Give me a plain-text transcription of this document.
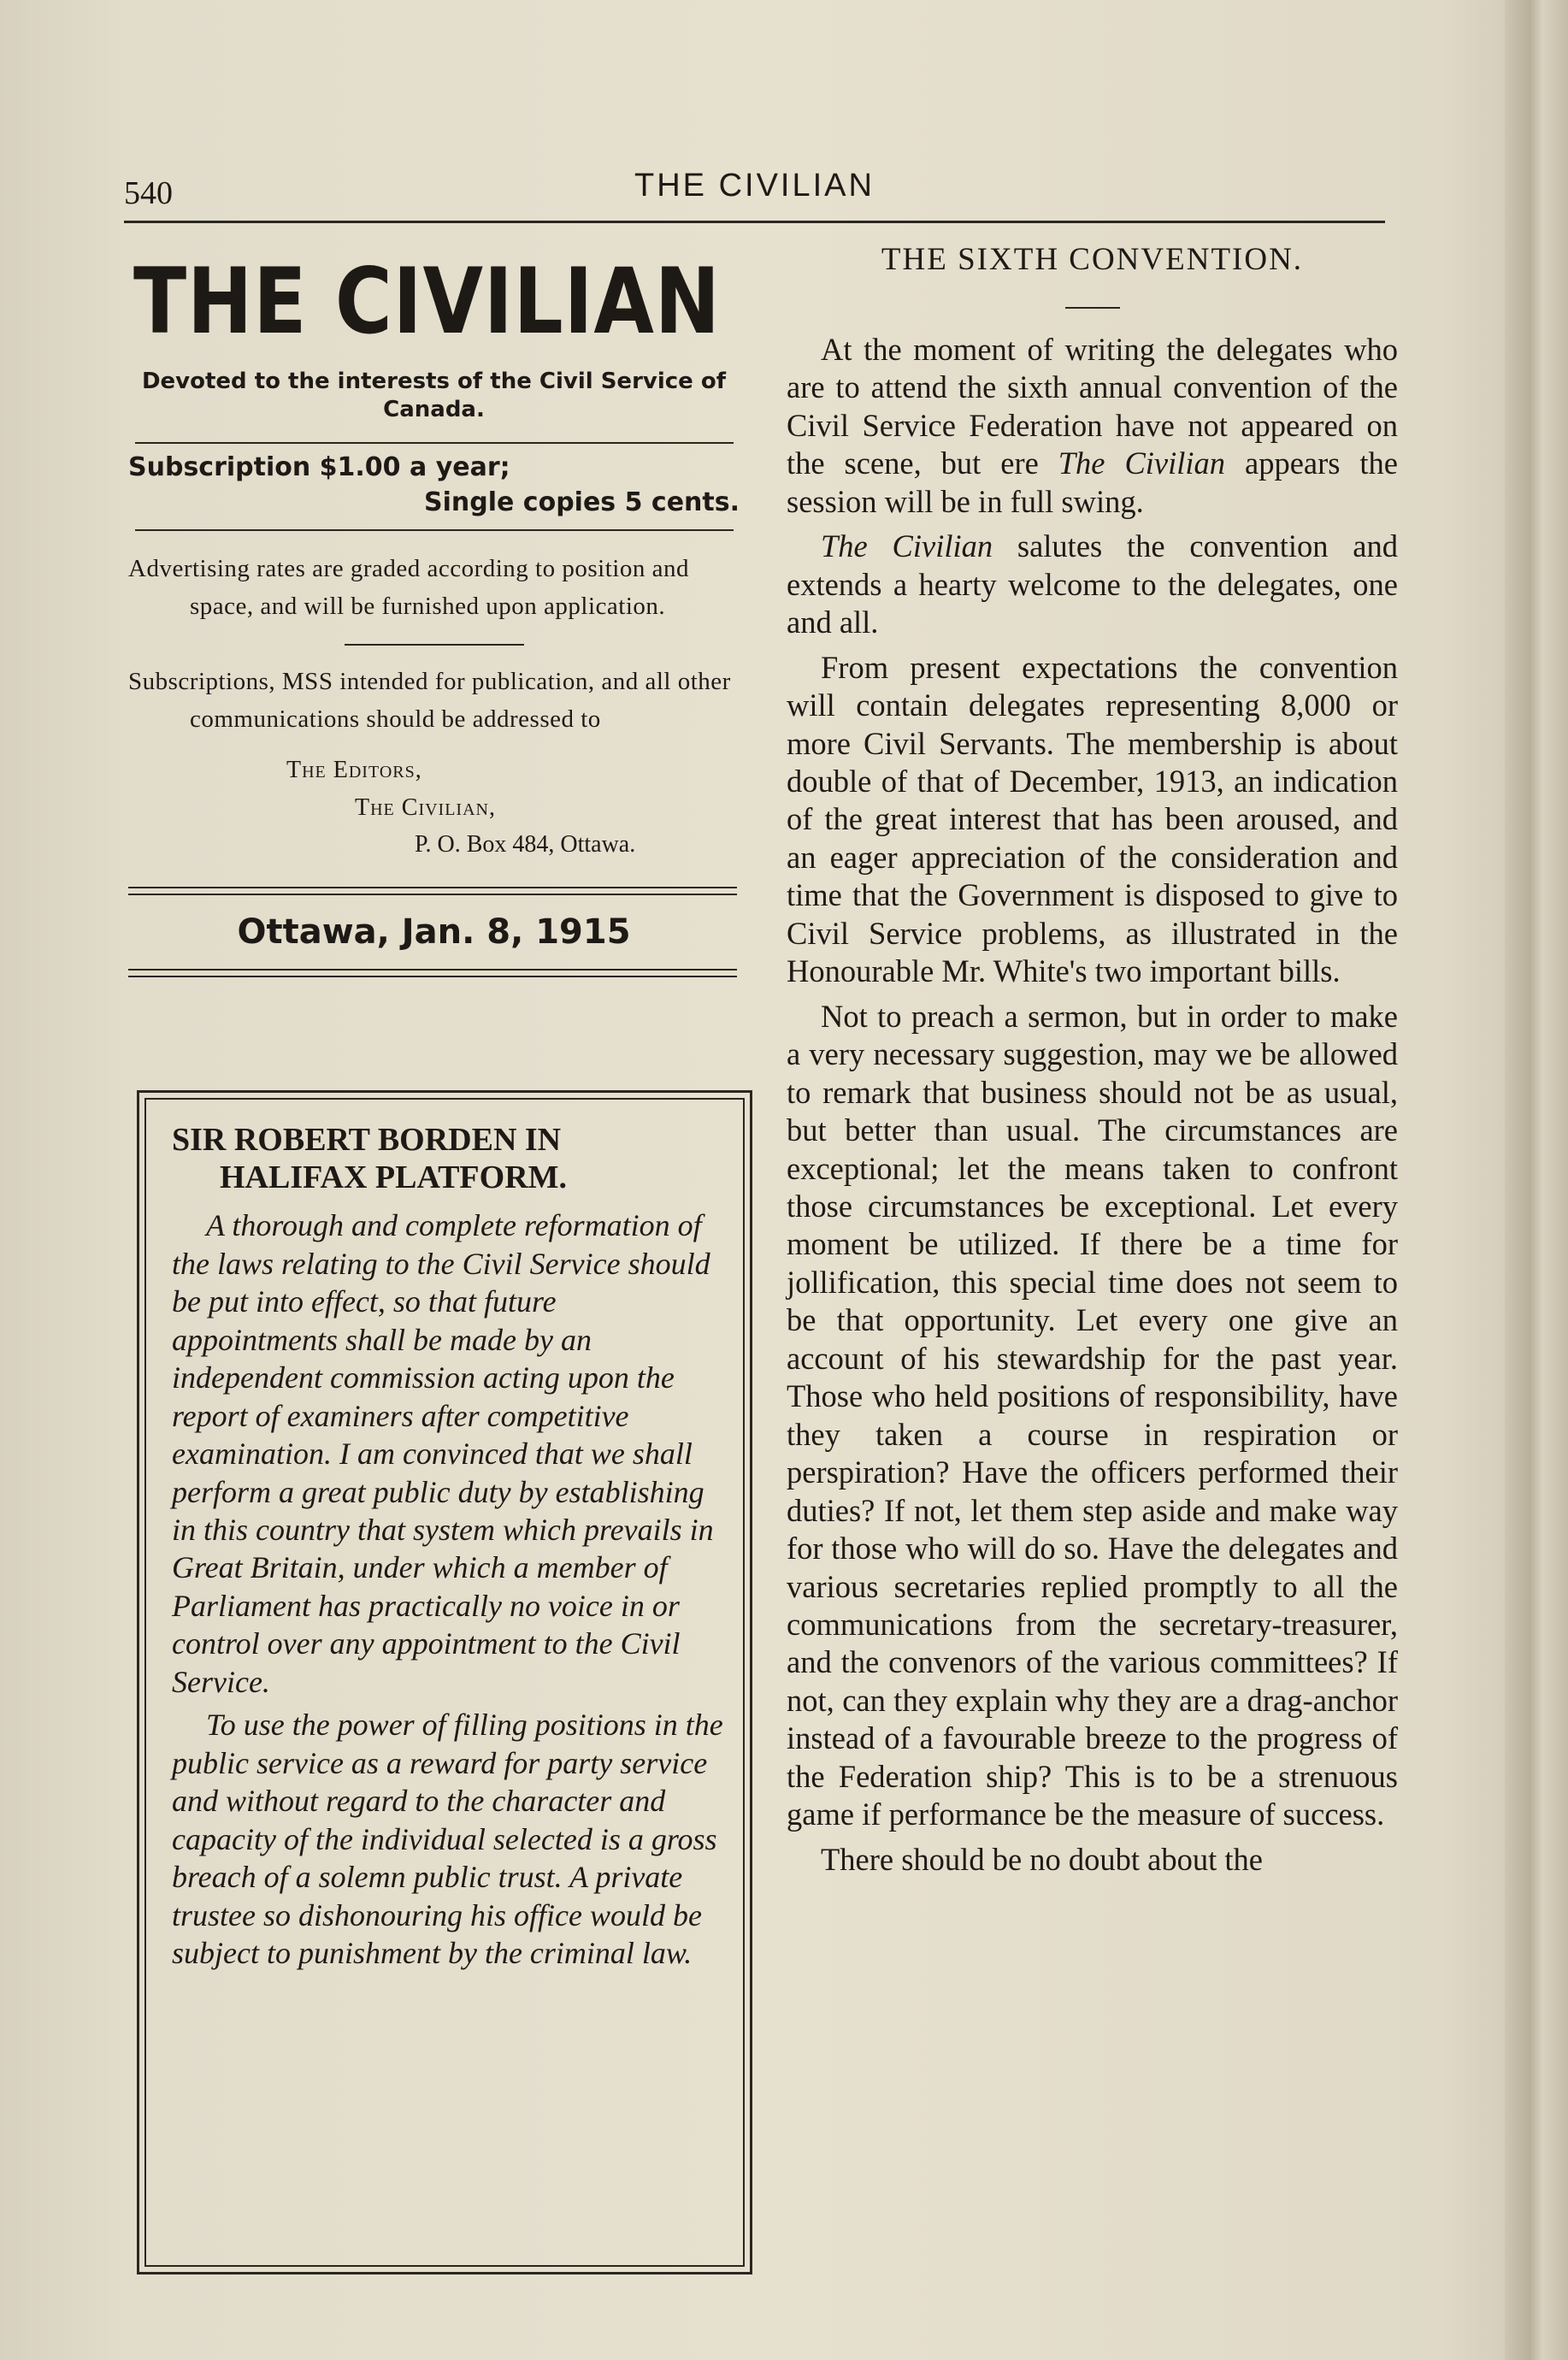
540	THE CIVILIAN
THE CIVILIAN
Devoted to the interests of the Civil Service of Canada.
Subscription $1.00 a year;
Single copies 5 cents.

Advertising rates are graded according to position and space, and will be furnished upon application.

Subscriptions, MSS intended for publication, and all other communications should be addressed to

The Editors,
The Civilian,
P. O. Box 484, Ottawa.
Ottawa, Jan. 8, 1915
SIR ROBERT BORDEN IN
HALIFAX PLATFORM.

A thorough and complete reformation of the laws relating to the Civil Service should be put into effect, so that future appointments shall be made by an independent commission acting upon the report of examiners after competitive examination. I am convinced that we shall perform a great public duty by establishing in this country that system which prevails in Great Britain, under which a member of Parliament has practically no voice in or control over any appointment to the Civil Service.

To use the power of filling positions in the public service as a reward for party service and without regard to the character and capacity of the individual selected is a gross breach of a solemn public trust. A private trustee so dishonouring his office would be subject to punishment by the criminal law.

THE SIXTH CONVENTION.

At the moment of writing the delegates who are to attend the sixth annual convention of the Civil Service Federation have not appeared on the scene, but ere The Civilian appears the session will be in full swing.

The Civilian salutes the convention and extends a hearty welcome to the delegates, one and all.

From present expectations the convention will contain delegates representing 8,000 or more Civil Servants. The membership is about double of that of December, 1913, an indication of the great interest that has been aroused, and an eager appreciation of the consideration and time that the Government is disposed to give to Civil Service problems, as illustrated in the Honourable Mr. White's two important bills.

Not to preach a sermon, but in order to make a very necessary suggestion, may we be allowed to remark that business should not be as usual, but better than usual. The circumstances are exceptional; let the means taken to confront those circumstances be exceptional. Let every moment be utilized. If there be a time for jollification, this special time does not seem to be that opportunity. Let every one give an account of his stewardship for the past year. Those who held positions of responsibility, have they taken a course in respiration or perspiration? Have the officers performed their duties? If not, let them step aside and make way for those who will do so. Have the delegates and various secretaries replied promptly to all the communications from the secretary-treasurer, and the convenors of the various committees? If not, can they explain why they are a drag-anchor instead of a favourable breeze to the progress of the Federation ship? This is to be a strenuous game if performance be the measure of success.

There should be no doubt about the
